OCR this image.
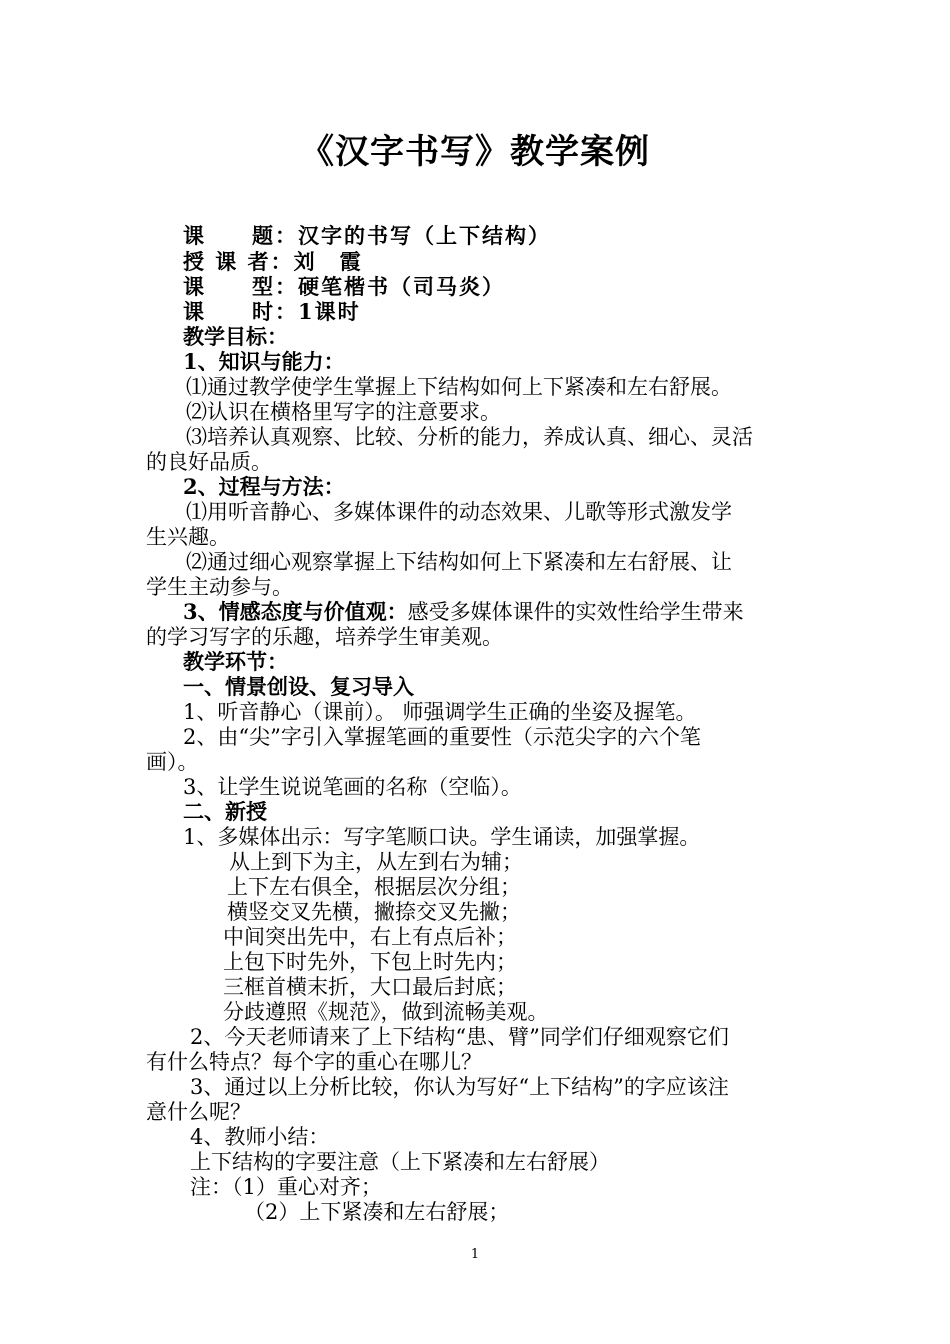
《汉字书写》教学案例
课　　题：汉字的书写（上下结构）
授 课 者：刘　霞
课　　型：硬笔楷书（司马炎）
课　　时：1课时
教学目标：
1、知识与能力：
⑴通过教学使学生掌握上下结构如何上下紧凑和左右舒展。
⑵认识在横格里写字的注意要求。
⑶培养认真观察、比较、分析的能力，养成认真、细心、灵活
的良好品质。
2、过程与方法：
⑴用听音静心、多媒体课件的动态效果、儿歌等形式激发学
生兴趣。
⑵通过细心观察掌握上下结构如何上下紧凑和左右舒展、让
学生主动参与。
3、情感态度与价值观：感受多媒体课件的实效性给学生带来
的学习写字的乐趣，培养学生审美观。
教学环节：
一、情景创设、复习导入
1、听音静心（课前）。 师强调学生正确的坐姿及握笔。
2、由“尖”字引入掌握笔画的重要性（示范尖字的六个笔
画）。
3、让学生说说笔画的名称（空临）。
二、新授
1、多媒体出示：写字笔顺口诀。学生诵读，加强掌握。
从上到下为主，从左到右为辅；
上下左右俱全，根据层次分组；
横竖交叉先横，撇捺交叉先撇；
中间突出先中，右上有点后补；
上包下时先外，下包上时先内；
三框首横末折，大口最后封底；
分歧遵照《规范》，做到流畅美观。
2、今天老师请来了上下结构“患、臂”同学们仔细观察它们
有什么特点？每个字的重心在哪儿？
3、通过以上分析比较，你认为写好“上下结构”的字应该注
意什么呢？
4、教师小结：
上下结构的字要注意（上下紧凑和左右舒展）
注：（1）重心对齐；
（2）上下紧凑和左右舒展；
1
